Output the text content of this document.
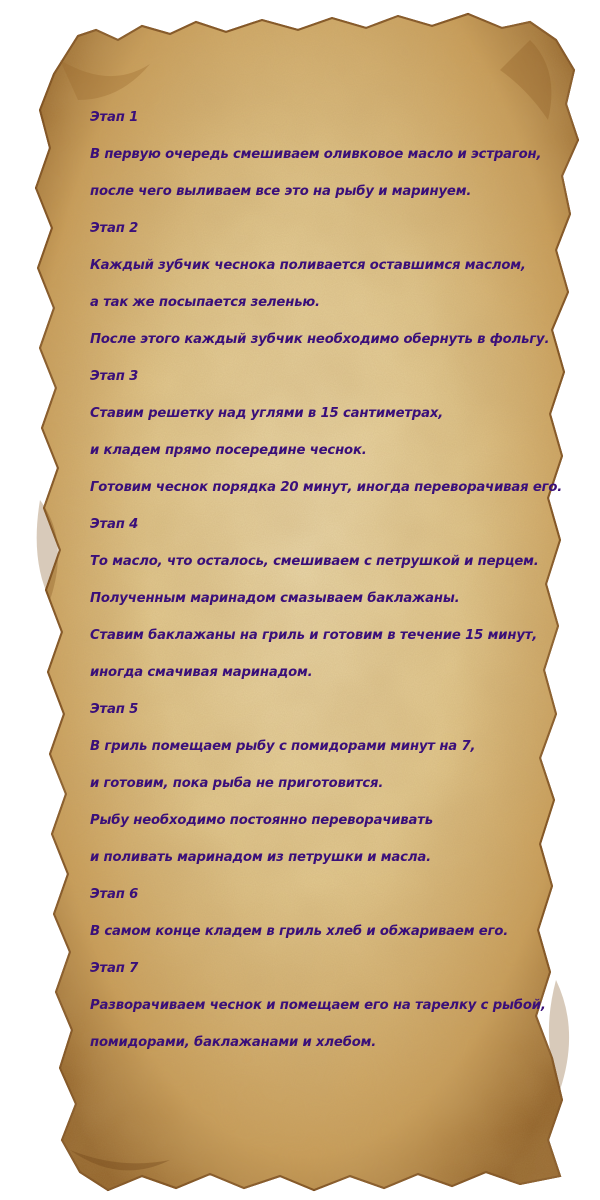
Этап 1
В первую очередь смешиваем оливковое масло и эстрагон,
после чего выливаем все это на рыбу и маринуем.
Этап 2
Каждый зубчик чеснока поливается оставшимся маслом,
а так же посыпается зеленью.
После этого каждый зубчик необходимо обернуть в фольгу.
Этап 3
Ставим решетку над углями в 15 сантиметрах,
и кладем прямо посередине чеснок.
Готовим чеснок порядка 20 минут, иногда переворачивая его.
Этап 4
То масло, что осталось, смешиваем с петрушкой и перцем.
Полученным маринадом смазываем баклажаны.
Ставим баклажаны на гриль и готовим в течение 15 минут,
иногда смачивая маринадом.
Этап 5
В гриль помещаем рыбу с помидорами минут на 7,
и готовим, пока рыба не приготовится.
Рыбу необходимо постоянно переворачивать
и поливать маринадом из петрушки и масла.
Этап 6
В самом конце кладем в гриль хлеб и обжариваем его.
Этап 7
Разворачиваем чеснок и помещаем его на тарелку с рыбой,
помидорами, баклажанами и хлебом.
